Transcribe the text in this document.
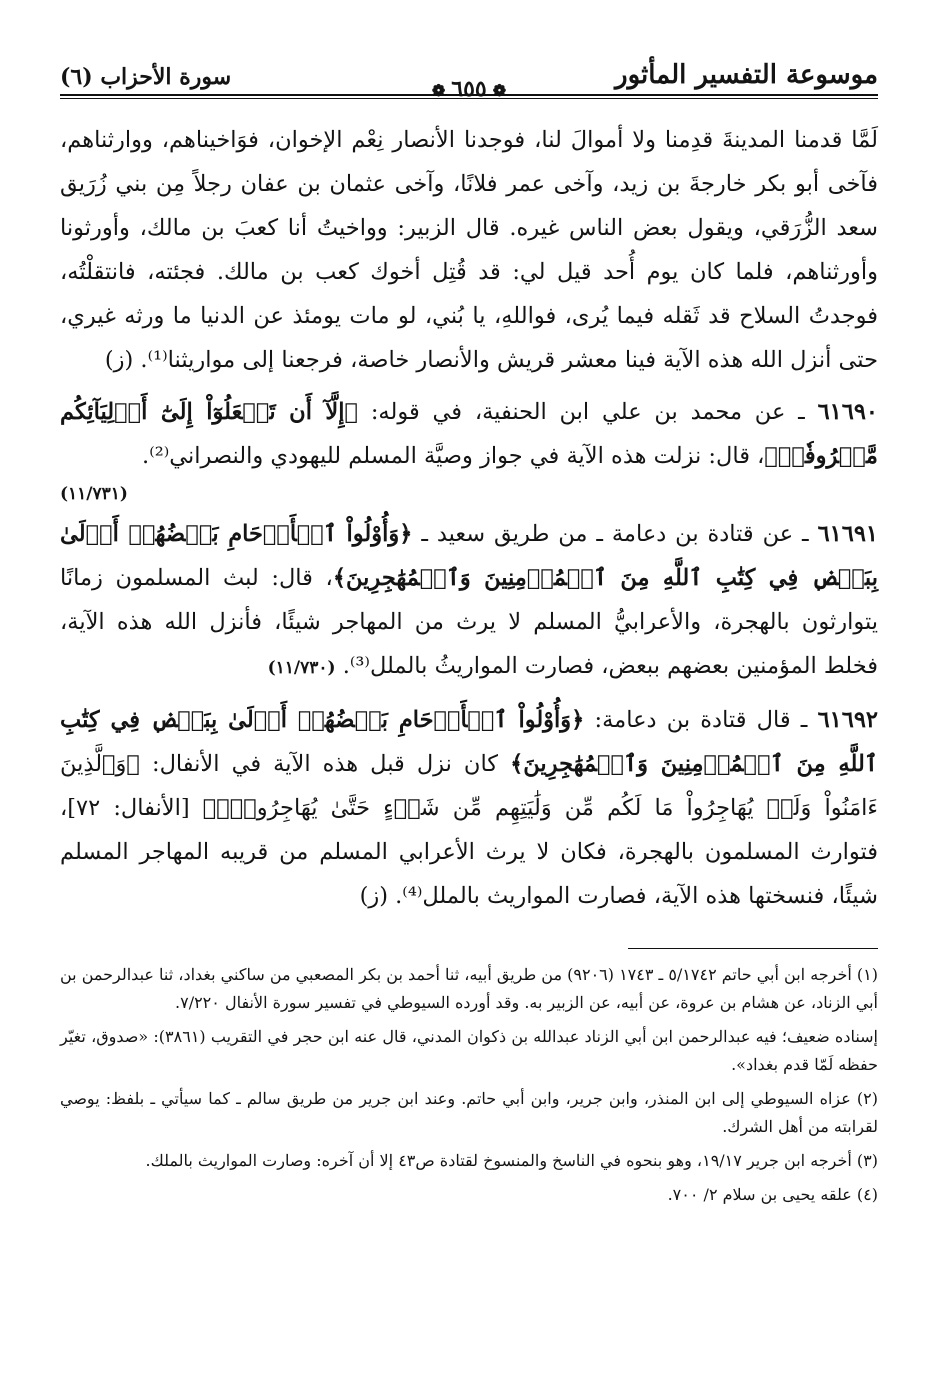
موسوعة التفسير المأثور
❁٦٥٥❁
سورة الأحزاب (٦)

لَمَّا قدمنا المدينةَ قدِمنا ولا أموالَ لنا، فوجدنا الأنصار نِعْم الإخوان، فوَاخيناهم، ووارثناهم، فآخى أبو بكر خارجةَ بن زيد، وآخى عمر فلانًا، وآخى عثمان بن عفان رجلاً مِن بني زُرَيق سعد الزُّرَقي، ويقول بعض الناس غيره. قال الزبير: وواخيتُ أنا كعبَ بن مالك، وأورثونا وأورثناهم، فلما كان يوم أُحد قيل لي: قد قُتِل أخوك كعب بن مالك. فجئته، فانتقلْتُه، فوجدتُ السلاح قد ثَقله فيما يُرى، فواللهِ، يا بُني، لو مات يومئذ عن الدنيا ما ورثه غيري، حتى أنزل الله هذه الآية فينا معشر قريش والأنصار خاصة، فرجعنا إلى مواريثنا⁽¹⁾. (ز)

٦١٦٩٠ ـ عن محمد بن علي ابن الحنفية، في قوله: ﴿إِلَّآ أَن تَفۡعَلُوٓاْ إِلَىٰٓ أَوۡلِيَآئِكُم مَّعۡرُوفٗاۚ﴾، قال: نزلت هذه الآية في جواز وصيَّة المسلم لليهودي والنصراني⁽²⁾.

(١١/٧٣١)

٦١٦٩١ ـ عن قتادة بن دعامة ـ من طريق سعيد ـ ﴿وَأُوْلُواْ ٱلۡأَرۡحَامِ بَعۡضُهُمۡ أَوۡلَىٰ بِبَعۡضٖ فِي كِتَٰبِ ٱللَّهِ مِنَ ٱلۡمُؤۡمِنِينَ وَٱلۡمُهَٰجِرِينَ﴾، قال: لبث المسلمون زمانًا يتوارثون بالهجرة، والأعرابيُّ المسلم لا يرث من المهاجر شيئًا، فأنزل الله هذه الآية، فخلط المؤمنين بعضهم ببعض، فصارت المواريثُ بالملل⁽³⁾. (١١/٧٣٠)

٦١٦٩٢ ـ قال قتادة بن دعامة: ﴿وَأُوْلُواْ ٱلۡأَرۡحَامِ بَعۡضُهُمۡ أَوۡلَىٰ بِبَعۡضٖ فِي كِتَٰبِ ٱللَّهِ مِنَ ٱلۡمُؤۡمِنِينَ وَٱلۡمُهَٰجِرِينَ﴾ كان نزل قبل هذه الآية في الأنفال: ﴿وَٱلَّذِينَ ءَامَنُواْ وَلَمۡ يُهَاجِرُواْ مَا لَكُم مِّن وَلَٰيَتِهِم مِّن شَيۡءٍ حَتَّىٰ يُهَاجِرُواْۚ﴾ [الأنفال: ٧٢]، فتوارث المسلمون بالهجرة، فكان لا يرث الأعرابي المسلم من قريبه المهاجر المسلم شيئًا، فنسختها هذه الآية، فصارت المواريث بالملل⁽⁴⁾. (ز)

(١) أخرجه ابن أبي حاتم ٥/١٧٤٢ ـ ١٧٤٣ (٩٢٠٦) من طريق أبيه، ثنا أحمد بن بكر المصعبي من ساكني بغداد، ثنا عبدالرحمن بن أبي الزناد، عن هشام بن عروة، عن أبيه، عن الزبير به. وقد أورده السيوطي في تفسير سورة الأنفال ٧/٢٢٠.

إسناده ضعيف؛ فيه عبدالرحمن ابن أبي الزناد عبدالله بن ذكوان المدني، قال عنه ابن حجر في التقريب (٣٨٦١): «صدوق، تغيّر حفظه لَمّا قدم بغداد».

(٢) عزاه السيوطي إلى ابن المنذر، وابن جرير، وابن أبي حاتم. وعند ابن جرير من طريق سالم ـ كما سيأتي ـ بلفظ: يوصي لقرابته من أهل الشرك.

(٣) أخرجه ابن جرير ١٩/١٧، وهو بنحوه في الناسخ والمنسوخ لقتادة ص٤٣ إلا أن آخره: وصارت المواريث بالملك.

(٤) علقه يحيى بن سلام ٢/ ٧٠٠.
